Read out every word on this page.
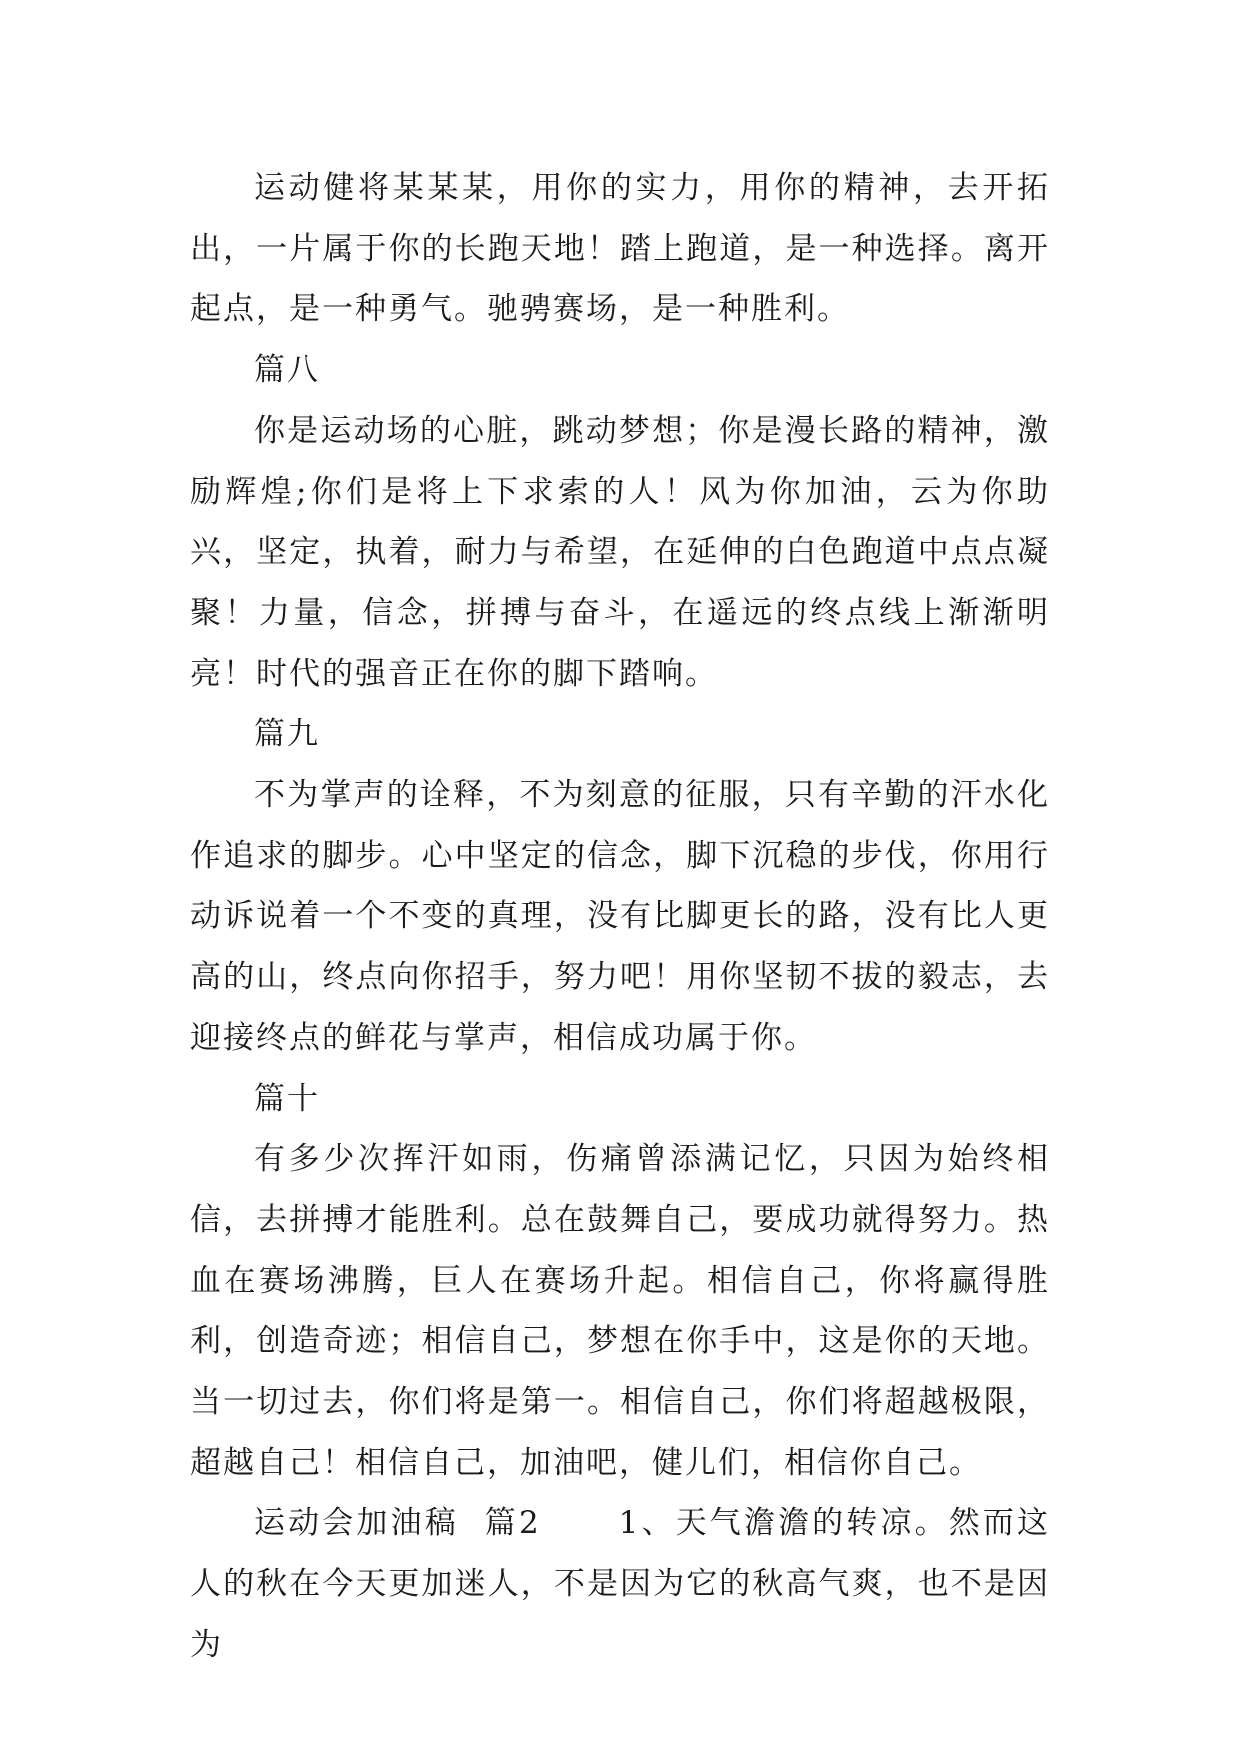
运动健将某某某，用你的实力，用你的精神，去开拓出，一片属于你的长跑天地！踏上跑道，是一种选择。离开起点，是一种勇气。驰骋赛场，是一种胜利。

篇八

你是运动场的心脏，跳动梦想；你是漫长路的精神，激励辉煌;你们是将上下求索的人！风为你加油，云为你助兴，坚定，执着，耐力与希望，在延伸的白色跑道中点点凝聚！力量，信念，拼搏与奋斗，在遥远的终点线上渐渐明亮！时代的强音正在你的脚下踏响。

篇九

不为掌声的诠释，不为刻意的征服，只有辛勤的汗水化作追求的脚步。心中坚定的信念，脚下沉稳的步伐，你用行动诉说着一个不变的真理，没有比脚更长的路，没有比人更高的山，终点向你招手，努力吧！用你坚韧不拔的毅志，去迎接终点的鲜花与掌声，相信成功属于你。

篇十

有多少次挥汗如雨，伤痛曾添满记忆，只因为始终相信，去拼搏才能胜利。总在鼓舞自己，要成功就得努力。热血在赛场沸腾，巨人在赛场升起。相信自己，你将赢得胜利，创造奇迹；相信自己，梦想在你手中，这是你的天地。当一切过去，你们将是第一。相信自己，你们将超越极限，超越自己！相信自己，加油吧，健儿们，相信你自己。

运动会加油稿  篇2      1、天气澹澹的转凉。然而这人的秋在今天更加迷人，不是因为它的秋高气爽，也不是因为
